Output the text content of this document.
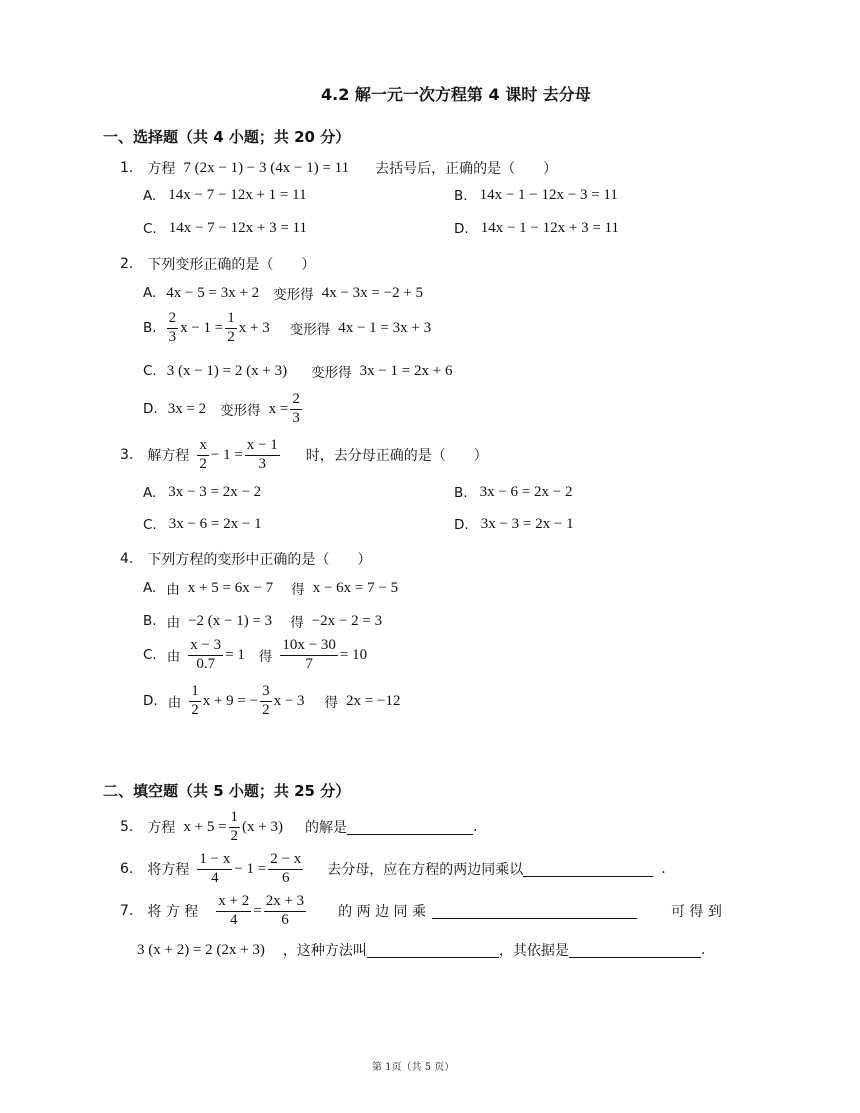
4.2 解一元一次方程第 4 课时 去分母
一、选择题（共 4 小题；共 20 分）
1. 方程 7 (2x − 1) − 3 (4x − 1) = 11 去括号后，正确的是（　　）
A. 14x − 7 − 12x + 1 = 11	B. 14x − 1 − 12x − 3 = 11
C. 14x − 7 − 12x + 3 = 11	D. 14x − 1 − 12x + 3 = 11
2. 下列变形正确的是（　　）
A. 4x − 5 = 3x + 2 变形得 4x − 3x = −2 + 5
B. $\frac{2}{3}$ $x - 1 = \frac{1}{2}$ x + 3 变形得 4x − 1 = 3x + 3
C. 3 (x − 1) = 2 (x + 3) 变形得 3x − 1 = 2x + 6
D. 3x = 2 变形得 $x = \frac{2}{3}$
3. 解方程 $\frac{x}{2} - 1 = \frac{x - 1}{3}$ 时，去分母正确的是（　　）
A. 3x − 3 = 2x − 2	B. 3x − 6 = 2x − 2
C. 3x − 6 = 2x − 1	D. 3x − 3 = 2x − 1
4. 下列方程的变形中正确的是（　　）
A. 由 x + 5 = 6x − 7 得 x − 6x = 7 − 5
B. 由 −2 (x − 1) = 3 得 −2x − 2 = 3
C. 由 $\frac{x - 3}{0.7} = 1$ 得 $\frac{10x - 30}{7} = 10$
D. 由 $\frac{1}{2}$ x + 9 = − $\frac{3}{2}$ x − 3 得 2x = −12
二、填空题（共 5 小题；共 25 分）
5. 方程 $x + 5 = \frac{1}{2} (x + 3)$ 的解是	.
6. 将方程 $\frac{1 - x}{4} - 1 = \frac{2 - x}{6}$ 去分母，应在方程的两边同乘以	.
7. 将 方 程 $\frac{x + 2}{4} = \frac{2x + 3}{6}$ 的 两 边 同 乘	可 得 到
3 (x + 2) = 2 (2x + 3) ，这种方法叫	，其依据是	.
第 1页（共 5 页）
